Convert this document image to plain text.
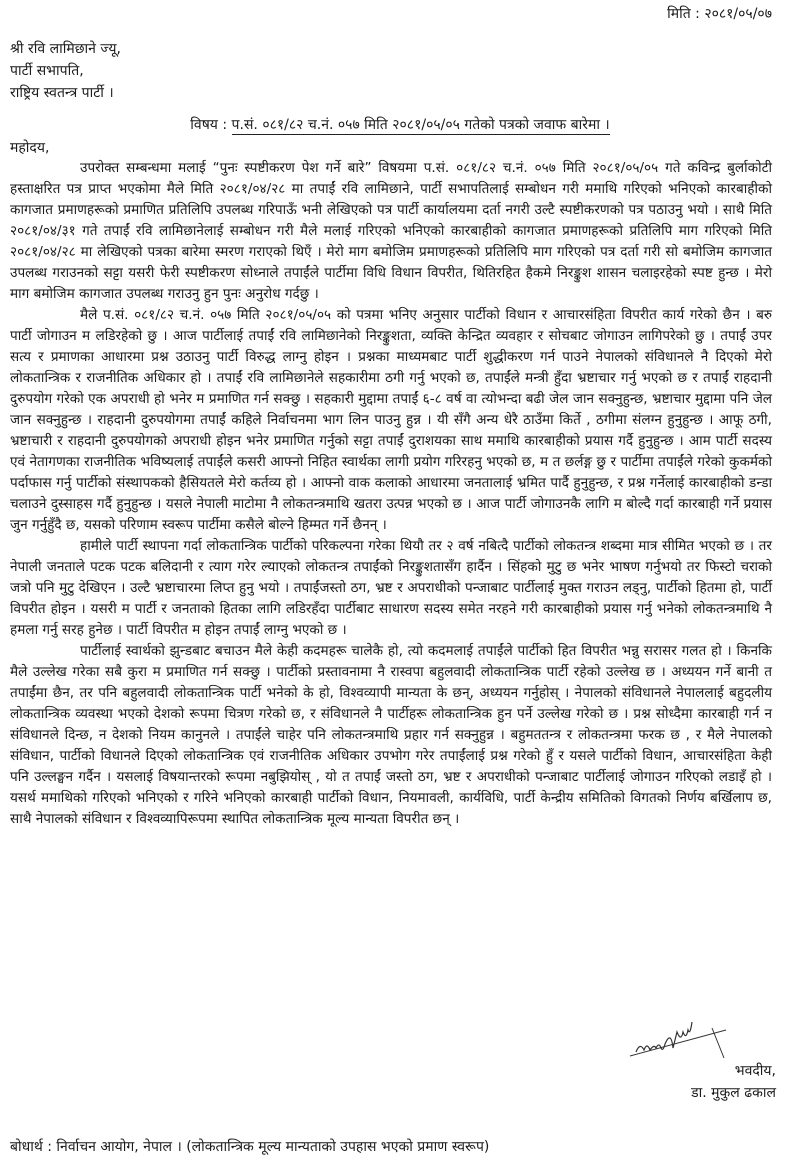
मिति : २०८१/०५/०७
श्री रवि लामिछाने ज्यू,
पार्टी सभापति,
राष्ट्रिय स्वतन्त्र पार्टी ।
विषय : प.सं. ०८१/८२ च.नं. ०५७ मिति २०८१/०५/०५ गतेको पत्रको जवाफ बारेमा ।
महोदय,

उपरोक्त सम्बन्धमा मलाई “पुनः स्पष्टीकरण पेश गर्ने बारे” विषयमा प.सं. ०८१/८२ च.नं. ०५७ मिति २०८१/०५/०५ गते कविन्द्र बुर्लाकोटी हस्ताक्षरित पत्र प्राप्त भएकोमा मैले मिति २०८१/०४/२८ मा तपाईं रवि लामिछाने, पार्टी सभापतिलाई सम्बोधन गरी ममाथि गरिएको भनिएको कारबाहीको कागजात प्रमाणहरूको प्रमाणित प्रतिलिपि उपलब्ध गरिपाऊँ भनी लेखिएको पत्र पार्टी कार्यालयमा दर्ता नगरी उल्टै स्पष्टीकरणको पत्र पठाउनु भयो । साथै मिति २०८१/०४/३१ गते तपाईं रवि लामिछानेलाई सम्बोधन गरी मैले मलाई गरिएको भनिएको कारबाहीको कागजात प्रमाणहरूको प्रतिलिपि माग गरिएको मिति २०८१/०४/२८ मा लेखिएको पत्रका बारेमा स्मरण गराएको थिएँ । मेरो माग बमोजिम प्रमाणहरूको प्रतिलिपि माग गरिएको पत्र दर्ता गरी सो बमोजिम कागजात उपलब्ध गराउनको सट्टा यसरी फेरी स्पष्टीकरण सोध्नाले तपाईंले पार्टीमा विधि विधान विपरीत, थितिरहित हैकमे निरङ्कुश शासन चलाइरहेको स्पष्ट हुन्छ । मेरो माग बमोजिम कागजात उपलब्ध गराउनु हुन पुनः अनुरोध गर्दछु ।

मैले प.सं. ०८१/८२ च.नं. ०५७ मिति २०८१/०५/०५ को पत्रमा भनिए अनुसार पार्टीको विधान र आचारसंहिता विपरीत कार्य गरेको छैन । बरु पार्टी जोगाउन म लडिरहेको छु । आज पार्टीलाई तपाईं रवि लामिछानेको निरङ्कुशता, व्यक्ति केन्द्रित व्यवहार र सोचबाट जोगाउन लागिपरेको छु । तपाईं उपर सत्य र प्रमाणका आधारमा प्रश्न उठाउनु पार्टी विरुद्ध लाग्नु होइन । प्रश्नका माध्यमबाट पार्टी शुद्धीकरण गर्न पाउने नेपालको संविधानले नै दिएको मेरो लोकतान्त्रिक र राजनीतिक अधिकार हो । तपाईं रवि लामिछानेले सहकारीमा ठगी गर्नु भएको छ, तपाईंले मन्त्री हुँदा भ्रष्टाचार गर्नु भएको छ र तपाईं राहदानी दुरुपयोग गरेको एक अपराधी हो भनेर म प्रमाणित गर्न सक्छु । सहकारी मुद्दामा तपाईं ६-८ वर्ष वा त्योभन्दा बढी जेल जान सक्नुहुन्छ, भ्रष्टाचार मुद्दामा पनि जेल जान सक्नुहुन्छ । राहदानी दुरुपयोगमा तपाईं कहिले निर्वाचनमा भाग लिन पाउनु हुन्न । यी सँगै अन्य धेरै ठाउँमा किर्ते , ठगीमा संलग्न हुनुहुन्छ । आफू ठगी, भ्रष्टाचारी र राहदानी दुरुपयोगको अपराधी होइन भनेर प्रमाणित गर्नुको सट्टा तपाईं दुराशयका साथ ममाथि कारबाहीको प्रयास गर्दै हुनुहुन्छ । आम पार्टी सदस्य एवं नेतागणका राजनीतिक भविष्यलाई तपाईंले कसरी आफ्नो निहित स्वार्थका लागी प्रयोग गरिरहनु भएको छ, म त छर्लङ्ग छु र पार्टीमा तपाईंले गरेको कुकर्मको पर्दाफास गर्नु पार्टीको संस्थापकको हैसियतले मेरो कर्तव्य हो । आफ्नो वाक कलाको आधारमा जनतालाई भ्रमित पार्दै हुनुहुन्छ, र प्रश्न गर्नेलाई कारबाहीको डन्डा चलाउने दुस्साहस गर्दै हुनुहुन्छ । यसले नेपाली माटोमा नै लोकतन्त्रमाथि खतरा उत्पन्न भएको छ । आज पार्टी जोगाउनकै लागि म बोल्दै गर्दा कारबाही गर्ने प्रयास जुन गर्नुहुँदै छ, यसको परिणाम स्वरूप पार्टीमा कसैले बोल्ने हिम्मत गर्ने छैनन् ।

हामीले पार्टी स्थापना गर्दा लोकतान्त्रिक पार्टीको परिकल्पना गरेका थियौ तर २ वर्ष नबित्दै पार्टीको लोकतन्त्र शब्दमा मात्र सीमित भएको छ । तर नेपाली जनताले पटक पटक बलिदानी र त्याग गरेर ल्याएको लोकतन्त्र तपाईंको निरङ्कुशतासँग हार्दैन । सिंहको मुटु छ भनेर भाषण गर्नुभयो तर फिस्टो चराको जत्रो पनि मुटु देखिएन । उल्टै भ्रष्टाचारमा लिप्त हुनु भयो । तपाईंजस्तो ठग, भ्रष्ट र अपराधीको पन्जाबाट पार्टीलाई मुक्त गराउन लड्नु, पार्टीको हितमा हो, पार्टी विपरीत होइन । यसरी म पार्टी र जनताको हितका लागि लडिरहँदा पार्टीबाट साधारण सदस्य समेत नरहने गरी कारबाहीको प्रयास गर्नु भनेको लोकतन्त्रमाथि नै हमला गर्नु सरह हुनेछ । पार्टी विपरीत म होइन तपाईं लाग्नु भएको छ ।

पार्टीलाई स्वार्थको झुन्डबाट बचाउन मैले केही कदमहरू चालेकै हो, त्यो कदमलाई तपाईंले पार्टीको हित विपरीत भन्नु सरासर गलत हो । किनकि मैले उल्लेख गरेका सबै कुरा म प्रमाणित गर्न सक्छु । पार्टीको प्रस्तावनामा नै रास्वपा बहुलवादी लोकतान्त्रिक पार्टी रहेको उल्लेख छ । अध्ययन गर्ने बानी त तपाईंमा छैन, तर पनि बहुलवादी लोकतान्त्रिक पार्टी भनेको के हो, विश्वव्यापी मान्यता के छन्, अध्ययन गर्नुहोस् । नेपालको संविधानले नेपाललाई बहुदलीय लोकतान्त्रिक व्यवस्था भएको देशको रूपमा चित्रण गरेको छ, र संविधानले नै पार्टीहरू लोकतान्त्रिक हुन पर्ने उल्लेख गरेको छ । प्रश्न सोध्दैमा कारबाही गर्न न संविधानले दिन्छ, न देशको नियम कानुनले । तपाईंले चाहेर पनि लोकतन्त्रमाथि प्रहार गर्न सक्नुहुन्न । बहुमततन्त्र र लोकतन्त्रमा फरक छ , र मैले नेपालको संविधान, पार्टीको विधानले दिएको लोकतान्त्रिक एवं राजनीतिक अधिकार उपभोग गरेर तपाईंलाई प्रश्न गरेको हुँ र यसले पार्टीको विधान, आचारसंहिता केही पनि उल्लङ्घन गर्दैन । यसलाई विषयान्तरको रूपमा नबुझियोस् , यो त तपाईं जस्तो ठग, भ्रष्ट र अपराधीको पन्जाबाट पार्टीलाई जोगाउन गरिएको लडाइँ हो । यसर्थ ममाथिको गरिएको भनिएको र गरिने भनिएको कारबाही पार्टीको विधान, नियमावली, कार्यविधि, पार्टी केन्द्रीय समितिको विगतको निर्णय बर्खिलाप छ, साथै नेपालको संविधान र विश्वव्यापिरूपमा स्थापित लोकतान्त्रिक मूल्य मान्यता विपरीत छन् ।

भवदीय,
डा. मुकुल ढकाल
बोधार्थ : निर्वाचन आयोग, नेपाल । (लोकतान्त्रिक मूल्य मान्यताको उपहास भएको प्रमाण स्वरूप)
